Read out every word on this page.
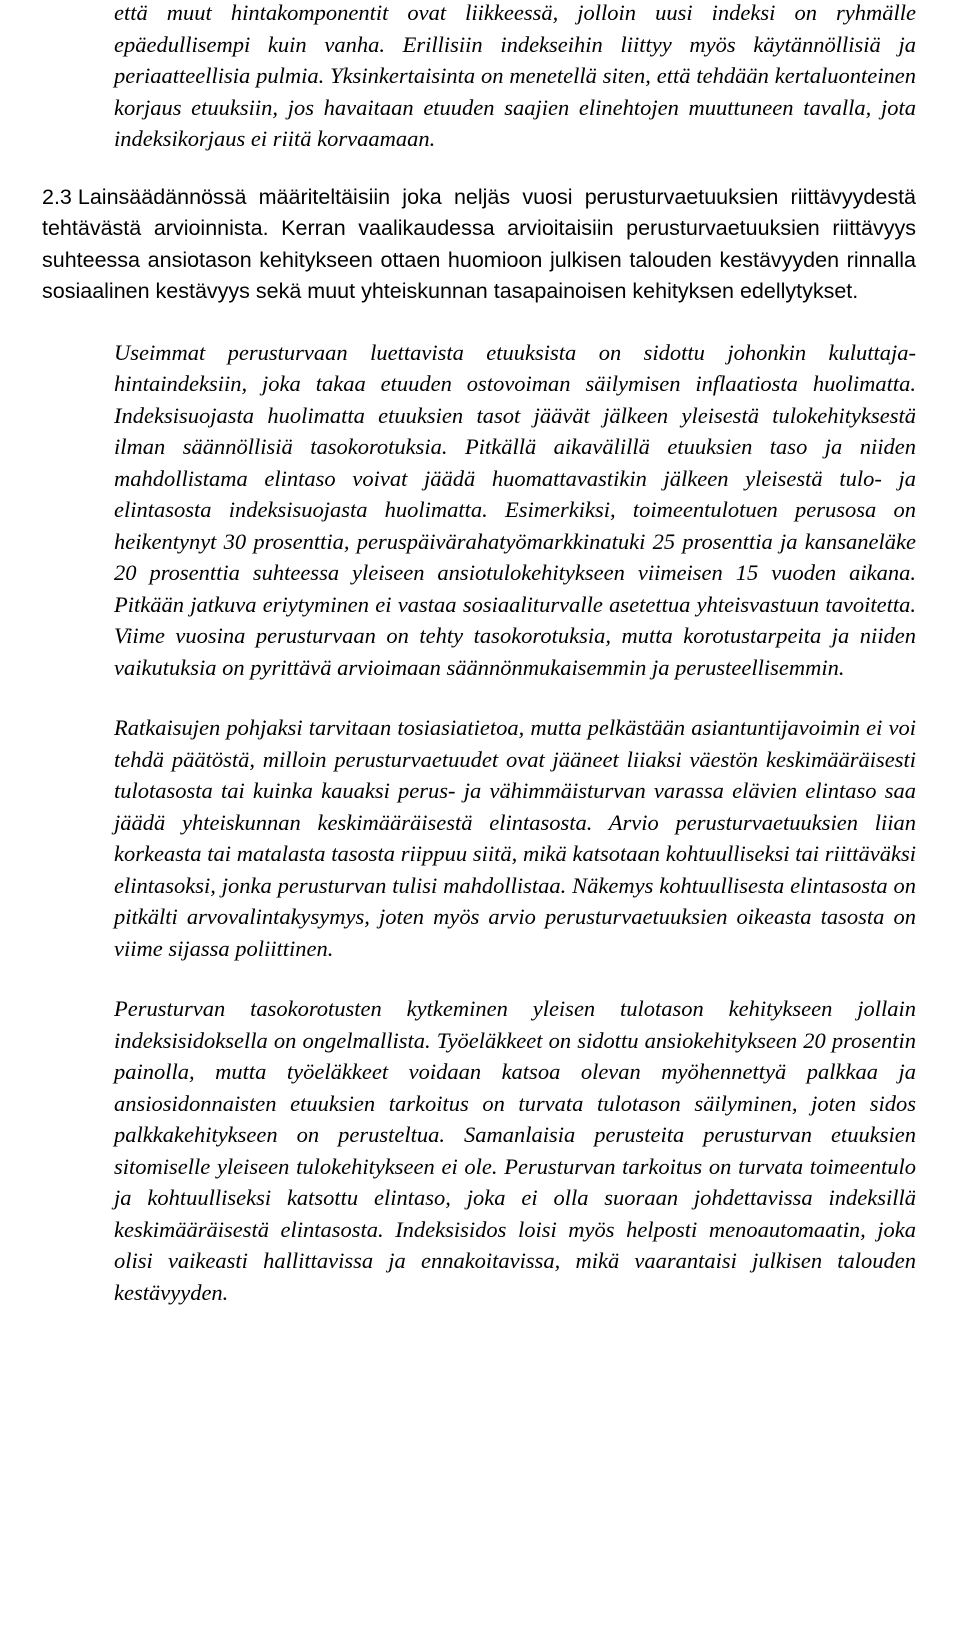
että muut hintakomponentit ovat liikkeessä, jolloin uusi indeksi on ryhmälle epäedullisempi kuin vanha. Erillisiin indekseihin liittyy myös käytännöllisiä ja periaatteellisia pulmia. Yksinkertaisinta on menetellä siten, että tehdään kertaluonteinen korjaus etuuksiin, jos havaitaan etuuden saajien elinehtojen muuttuneen tavalla, jota indeksikorjaus ei riitä korvaamaan.

2.3 Lainsäädännössä määriteltäisiin joka neljäs vuosi perusturvaetuuksien riittävyydestä tehtävästä arvioinnista. Kerran vaalikaudessa arvioitaisiin perusturvaetuuksien riittävyys suhteessa ansiotason kehitykseen ottaen huomioon julkisen talouden kestävyyden rinnalla sosiaalinen kestävyys sekä muut yhteiskunnan tasapainoisen kehityksen edellytykset.

Useimmat perusturvaan luettavista etuuksista on sidottu johonkin kuluttaja-hintaindeksiin, joka takaa etuuden ostovoiman säilymisen inflaatiosta huolimatta. Indeksisuojasta huolimatta etuuksien tasot jäävät jälkeen yleisestä tulokehityksestä ilman säännöllisiä tasokorotuksia. Pitkällä aikavälillä etuuksien taso ja niiden mahdollistama elintaso voivat jäädä huomattavastikin jälkeen yleisestä tulo- ja elintasosta indeksisuojasta huolimatta. Esimerkiksi, toimeentulotuen perusosa on heikentynyt 30 prosenttia, peruspäivärahatyömarkkinatuki 25 prosenttia ja kansaneläke 20 prosenttia suhteessa yleiseen ansiotulokehitykseen viimeisen 15 vuoden aikana. Pitkään jatkuva eriytyminen ei vastaa sosiaaliturvalle asetettua yhteisvastuun tavoitetta. Viime vuosina perusturvaan on tehty tasokorotuksia, mutta korotustarpeita ja niiden vaikutuksia on pyrittävä arvioimaan säännönmukaisemmin ja perusteellisemmin.

Ratkaisujen pohjaksi tarvitaan tosiasiatietoa, mutta pelkästään asiantuntijavoimin ei voi tehdä päätöstä, milloin perusturvaetuudet ovat jääneet liiaksi väestön keskimääräisesti tulotasosta tai kuinka kauaksi perus- ja vähimmäisturvan varassa elävien elintaso saa jäädä yhteiskunnan keskimääräisestä elintasosta. Arvio perusturvaetuuksien liian korkeasta tai matalasta tasosta riippuu siitä, mikä katsotaan kohtuulliseksi tai riittäväksi elintasoksi, jonka perusturvan tulisi mahdollistaa. Näkemys kohtuullisesta elintasosta on pitkälti arvovalintakysymys, joten myös arvio perusturvaetuuksien oikeasta tasosta on viime sijassa poliittinen.

Perusturvan tasokorotusten kytkeminen yleisen tulotason kehitykseen jollain indeksisidoksella on ongelmallista. Työeläkkeet on sidottu ansiokehitykseen 20 prosentin painolla, mutta työeläkkeet voidaan katsoa olevan myöhennettyä palkkaa ja ansiosidonnaisten etuuksien tarkoitus on turvata tulotason säilyminen, joten sidos palkkakehitykseen on perusteltua. Samanlaisia perusteita perusturvan etuuksien sitomiselle yleiseen tulokehitykseen ei ole. Perusturvan tarkoitus on turvata toimeentulo ja kohtuulliseksi katsottu elintaso, joka ei olla suoraan johdettavissa indeksillä keskimääräisestä elintasosta. Indeksisidos loisi myös helposti menoautomaatin, joka olisi vaikeasti hallittavissa ja ennakoitavissa, mikä vaarantaisi julkisen talouden kestävyyden.
